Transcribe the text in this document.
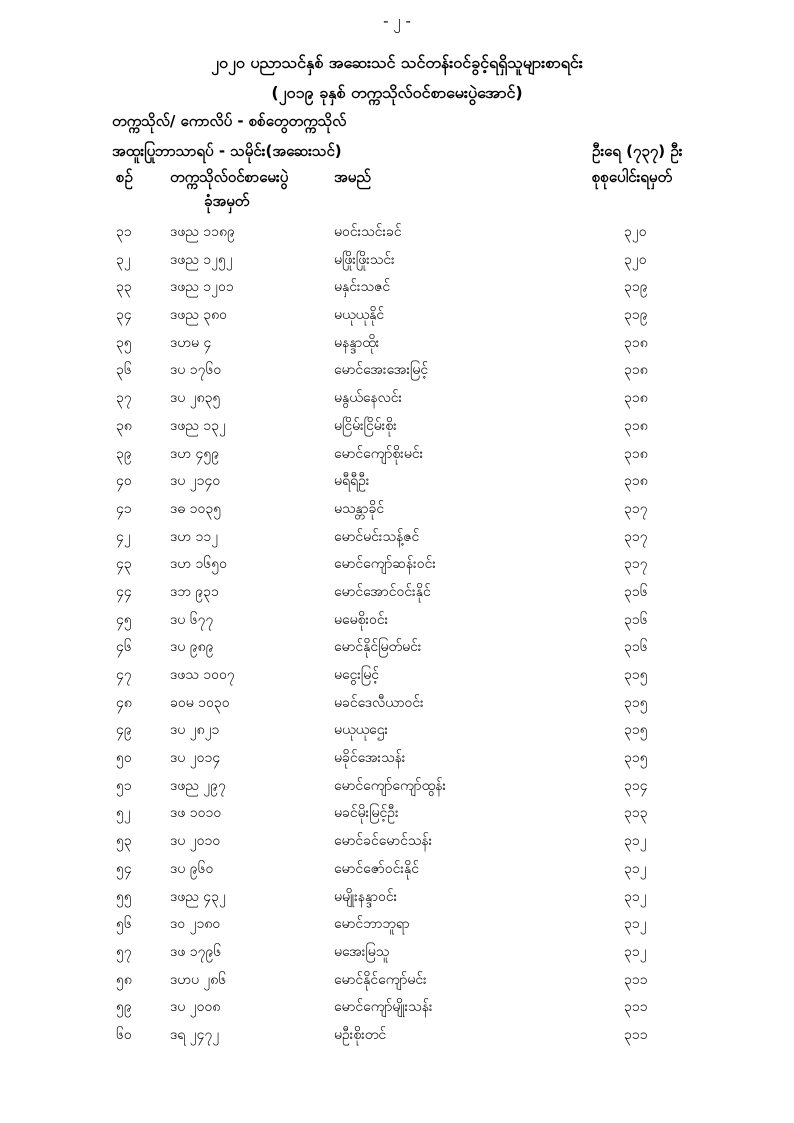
- ၂ -
၂၀၂၀ ပညာသင်နှစ် အဆေးသင် သင်တန်းဝင်ခွင့်ရရှိသူများစာရင်း
(၂၀၁၉ ခုနှစ် တက္ကသိုလ်ဝင်စာမေးပွဲအောင်)
တက္ကသိုလ်/ ကောလိပ် - စစ်တွေတက္ကသိုလ်
အထူးပြုဘာသာရပ် - သမိုင်း(အဆေးသင်)	ဦးရေ (၇၃၇) ဦး
စဉ် တက္ကသိုလ်ဝင်စာမေးပွဲ
ခုံအမှတ်
အမည်	စုစုပေါင်းရမှတ်
၃၁	ဒဖည ၁၁၈၉	မဝင်းသင်းခင်	၃၂၀
၃၂	ဒဖည ၁၂၅၂	မဖြိုးဖြိုးသင်း	၃၂၀
၃၃	ဒဖည ၁၂၀၁	မနှင်းသဇင်	၃၁၉
၃၄	ဒဖည ၃၈၀	မယုယုနိုင်	၃၁၉
၃၅	ဒဟမ ၄	မနန္ဒာထိုး	၃၁၈
၃၆	ဒပ ၁၇၆၀	မောင်အေးအေးမြင့်	၃၁၈
၃၇	ဒပ ၂၈၃၅	မနွယ်နေလင်း	၃၁၈
၃၈	ဒဖည ၁၃၂	မငြိမ်းငြိမ်းစိုး	၃၁၈
၃၉	ဒဟ ၄၅၉	မောင်ကျော်စိုးမင်း	၃၁၈
၄၀	ဒပ ၂၁၄၀	မရီရီဦး	၃၁၈
၄၁	ဒဓ ၁၀၃၅	မသန္တာခိုင်	၃၁၇
၄၂	ဒဟ ၁၁၂	မောင်မင်းသန့်ဇင်	၃၁၇
၄၃	ဒဟ ၁၆၅၀	မောင်ကျော်ဆန်းဝင်း	၃၁၇
၄၄	ဒဘ ၉၃၁	မောင်အောင်ဝင်းနိုင်	၃၁၆
၄၅	ဒပ ၆၇၇	မမေစိုးဝင်း	၃၁၆
၄၆	ဒပ ၉၈၉	မောင်နိုင်မြတ်မင်း	၃၁၆
၄၇	ဒဖသ ၁၀၀၇	မငွေးမြင့်	၃၁၅
၄၈	ခဝမ ၁၀၃၀	မခင်ဒေလီယာဝင်း	၃၁၅
၄၉	ဒပ ၂၈၂၁	မယုယုဌေး	၃၁၅
၅၀	ဒပ ၂၀၁၄	မခိုင်အေးသန်း	၃၁၅
၅၁	ဒဖည ၂၉၇	မောင်ကျော်ကျော်ထွန်း	၃၁၄
၅၂	ဒဖ ၁၀၁၀	မခင်မိုးမြင့်ဦး	၃၁၃
၅၃	ဒပ ၂၀၁၀	မောင်ခင်မောင်သန်း	၃၁၂
၅၄	ဒပ ၉၆၀	မောင်ဇော်ဝင်းနိုင်	၃၁၂
၅၅	ဒဖည ၄၃၂	မမျိုးနန္ဒာဝင်း	၃၁၂
၅၆	ဒဝ ၂၁၈၀	မောင်ဘာဘူရာ	၃၁၂
၅၇	ဒဖ ၁၇၉၆	မအေးမြသူ	၃၁၂
၅၈	ဒဟပ ၂၈၆	မောင်နိုင်ကျော်မင်း	၃၁၁
၅၉	ဒပ ၂၀၀၈	မောင်ကျော်မျိုးသန်း	၃၁၁
၆၀	ဒရ ၂၄၇၂	မဦးစိုးတင်	၃၁၁
